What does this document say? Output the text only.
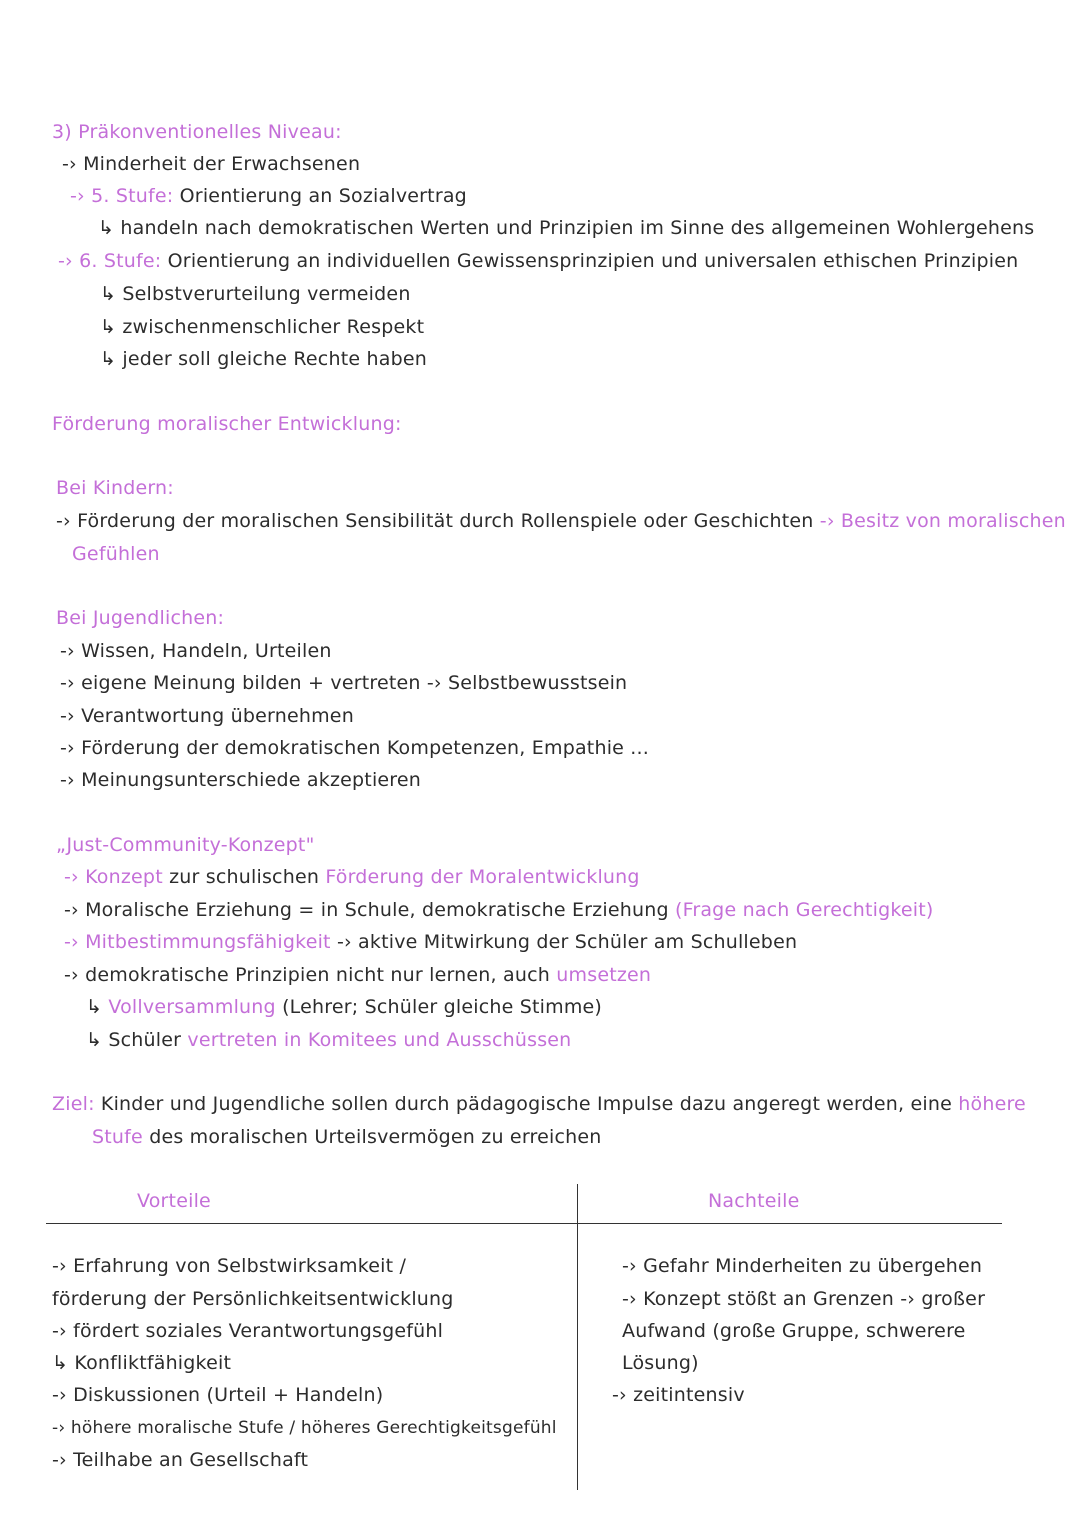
3) Präkonventionelles Niveau:
-› Minderheit der Erwachsenen
-› 5. Stufe: Orientierung an Sozialvertrag
↳ handeln nach demokratischen Werten und Prinzipien im Sinne des allgemeinen Wohlergehens
-› 6. Stufe: Orientierung an individuellen Gewissensprinzipien und universalen ethischen Prinzipien
↳ Selbstverurteilung vermeiden
↳ zwischenmenschlicher Respekt
↳ jeder soll gleiche Rechte haben
Förderung moralischer Entwicklung:
Bei Kindern:
-› Förderung der moralischen Sensibilität durch Rollenspiele oder Geschichten -› Besitz von moralischen
Gefühlen
Bei Jugendlichen:
-› Wissen, Handeln, Urteilen
-› eigene Meinung bilden + vertreten -› Selbstbewusstsein
-› Verantwortung übernehmen
-› Förderung der demokratischen Kompetenzen, Empathie ...
-› Meinungsunterschiede akzeptieren
„Just-Community-Konzept"
-› Konzept zur schulischen Förderung der Moralentwicklung
-› Moralische Erziehung = in Schule, demokratische Erziehung (Frage nach Gerechtigkeit)
-› Mitbestimmungsfähigkeit -› aktive Mitwirkung der Schüler am Schulleben
-› demokratische Prinzipien nicht nur lernen, auch umsetzen
↳ Vollversammlung (Lehrer; Schüler gleiche Stimme)
↳ Schüler vertreten in Komitees und Ausschüssen
Ziel: Kinder und Jugendliche sollen durch pädagogische Impulse dazu angeregt werden, eine höhere
Stufe des moralischen Urteilsvermögen zu erreichen
Vorteile	Nachteile
-› Erfahrung von Selbstwirksamkeit /
förderung der Persönlichkeitsentwicklung
-› fördert soziales Verantwortungsgefühl
↳ Konfliktfähigkeit
-› Diskussionen (Urteil + Handeln)
-› höhere moralische Stufe / höheres Gerechtigkeitsgefühl
-› Teilhabe an Gesellschaft
-› Gefahr Minderheiten zu übergehen
-› Konzept stößt an Grenzen -› großer
Aufwand (große Gruppe, schwerere
Lösung)
-› zeitintensiv
